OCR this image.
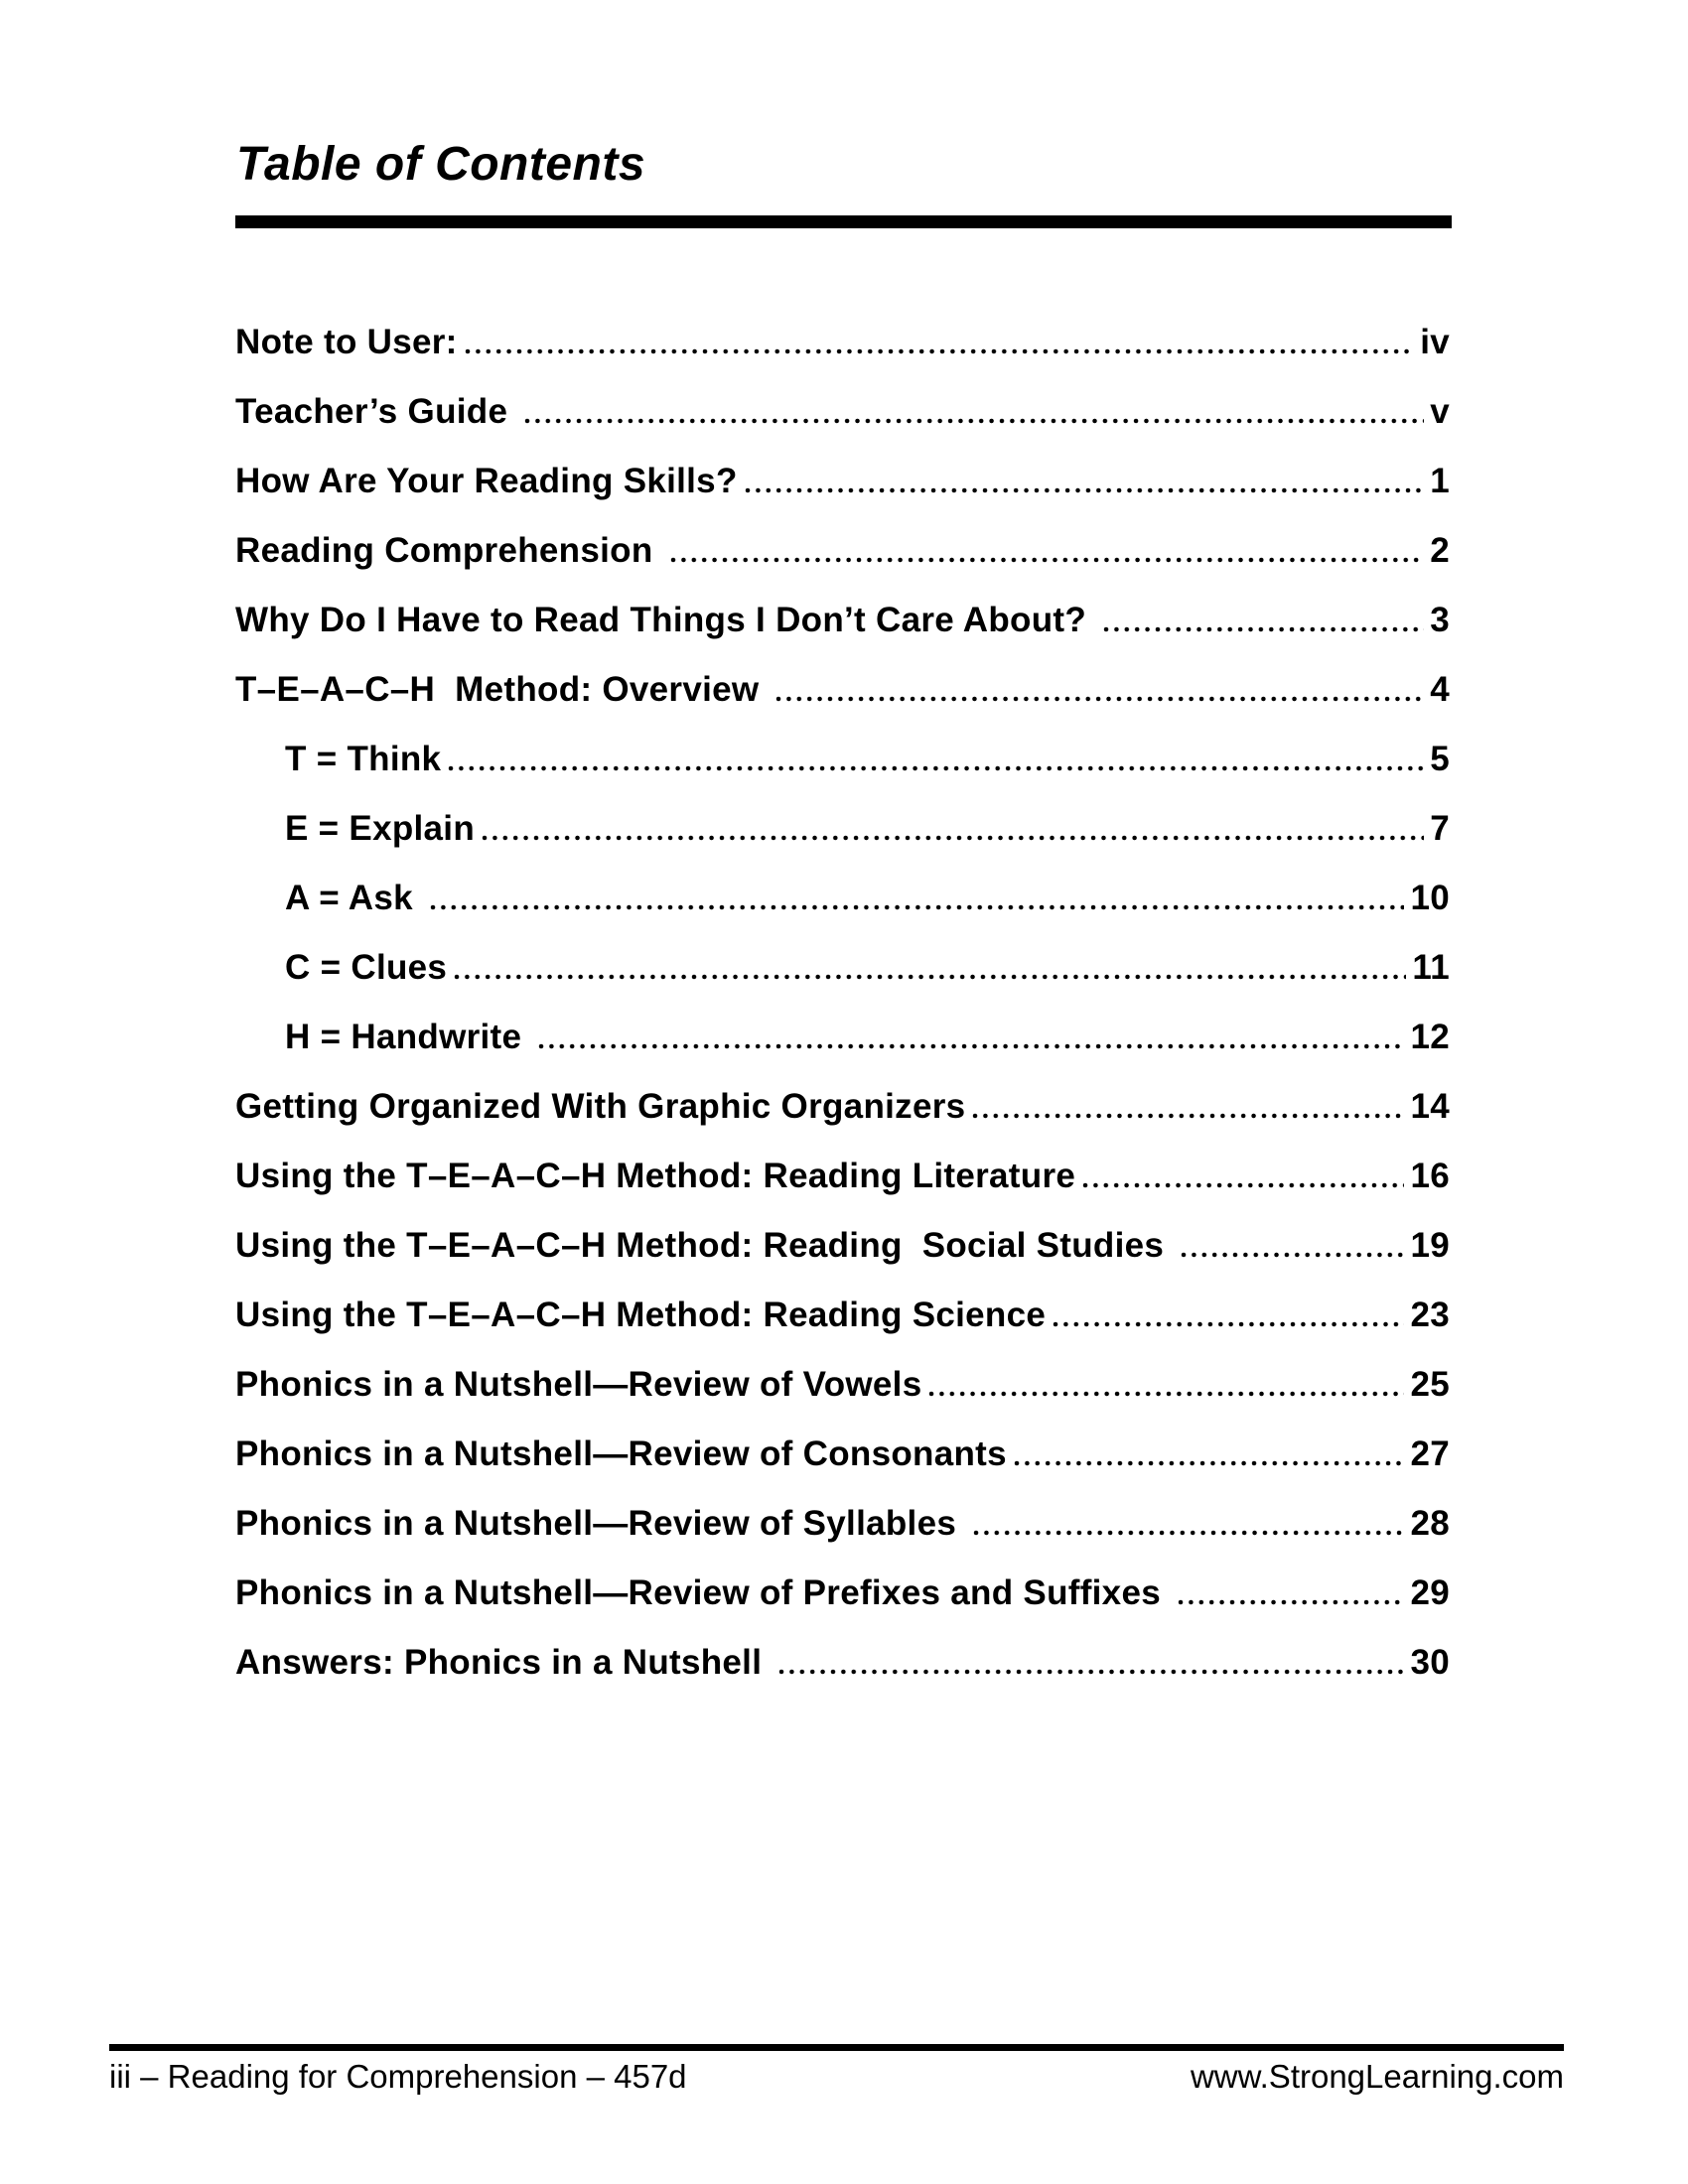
Table of Contents
Note to User:	iv
Teacher’s Guide	v
How Are Your Reading Skills?	1
Reading Comprehension	2
Why Do I Have to Read Things I Don’t Care About?	3
T–E–A–C–H  Method: Overview	4
T = Think	5
E = Explain	7
A = Ask	10
C = Clues	11
H = Handwrite	12
Getting Organized With Graphic Organizers	14
Using the T–E–A–C–H Method: Reading Literature	16
Using the T–E–A–C–H Method: Reading  Social Studies	19
Using the T–E–A–C–H Method: Reading Science	23
Phonics in a Nutshell—Review of Vowels	25
Phonics in a Nutshell—Review of Consonants	27
Phonics in a Nutshell—Review of Syllables	28
Phonics in a Nutshell—Review of Prefixes and Suffixes	29
Answers: Phonics in a Nutshell	30
iii – Reading for Comprehension – 457d	www.StrongLearning.com
